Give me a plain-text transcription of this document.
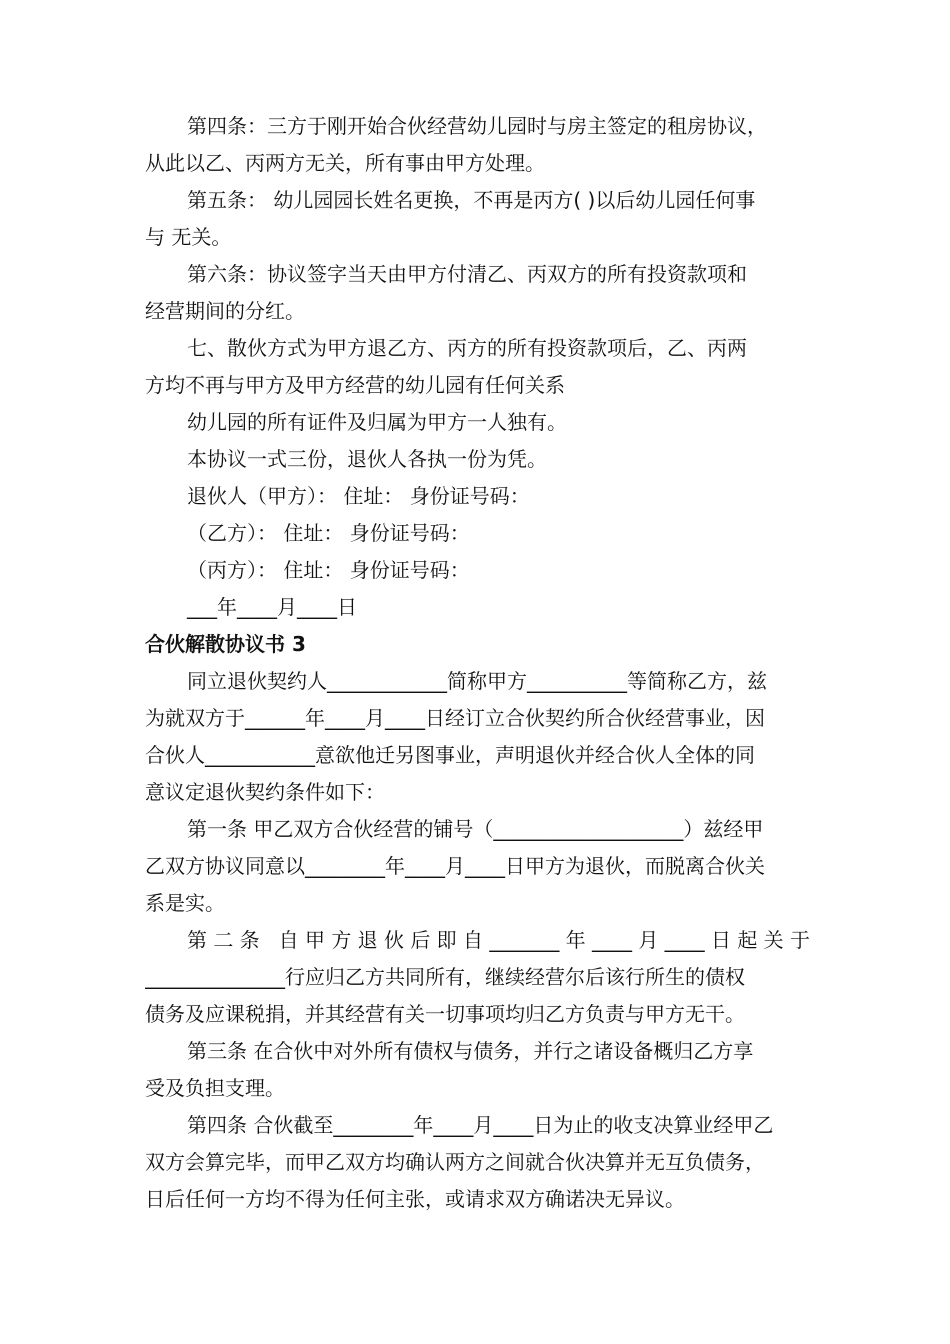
第四条：三方于刚开始合伙经营幼儿园时与房主签定的租房协议，
从此以乙、丙两方无关，所有事由甲方处理。
第五条： 幼儿园园长姓名更换，不再是丙方( )以后幼儿园任何事
与 无关。
第六条：协议签字当天由甲方付清乙、丙双方的所有投资款项和
经营期间的分红。
七、散伙方式为甲方退乙方、丙方的所有投资款项后，乙、丙两
方均不再与甲方及甲方经营的幼儿园有任何关系
幼儿园的所有证件及归属为甲方一人独有。
本协议一式三份，退伙人各执一份为凭。
退伙人（甲方）： 住址： 身份证号码：
（乙方）： 住址： 身份证号码：
（丙方）： 住址： 身份证号码：
___年____月____日
合伙解散协议书 3
同立退伙契约人____________简称甲方__________等简称乙方，兹
为就双方于______年____月____日经订立合伙契约所合伙经营事业，因
合伙人___________意欲他迁另图事业，声明退伙并经合伙人全体的同
意议定退伙契约条件如下：
第一条 甲乙双方合伙经营的铺号（___________________）兹经甲
乙双方协议同意以________年____月____日甲方为退伙，而脱离合伙关
系是实。
第二条 自甲方退伙后即自_______年____月____日起关于
______________行应归乙方共同所有，继续经营尔后该行所生的债权
债务及应课税捐，并其经营有关一切事项均归乙方负责与甲方无干。
第三条 在合伙中对外所有债权与债务，并行之诸设备概归乙方享
受及负担支理。
第四条 合伙截至________年____月____日为止的收支决算业经甲乙
双方会算完毕，而甲乙双方均确认两方之间就合伙决算并无互负债务，
日后任何一方均不得为任何主张，或请求双方确诺决无异议。
